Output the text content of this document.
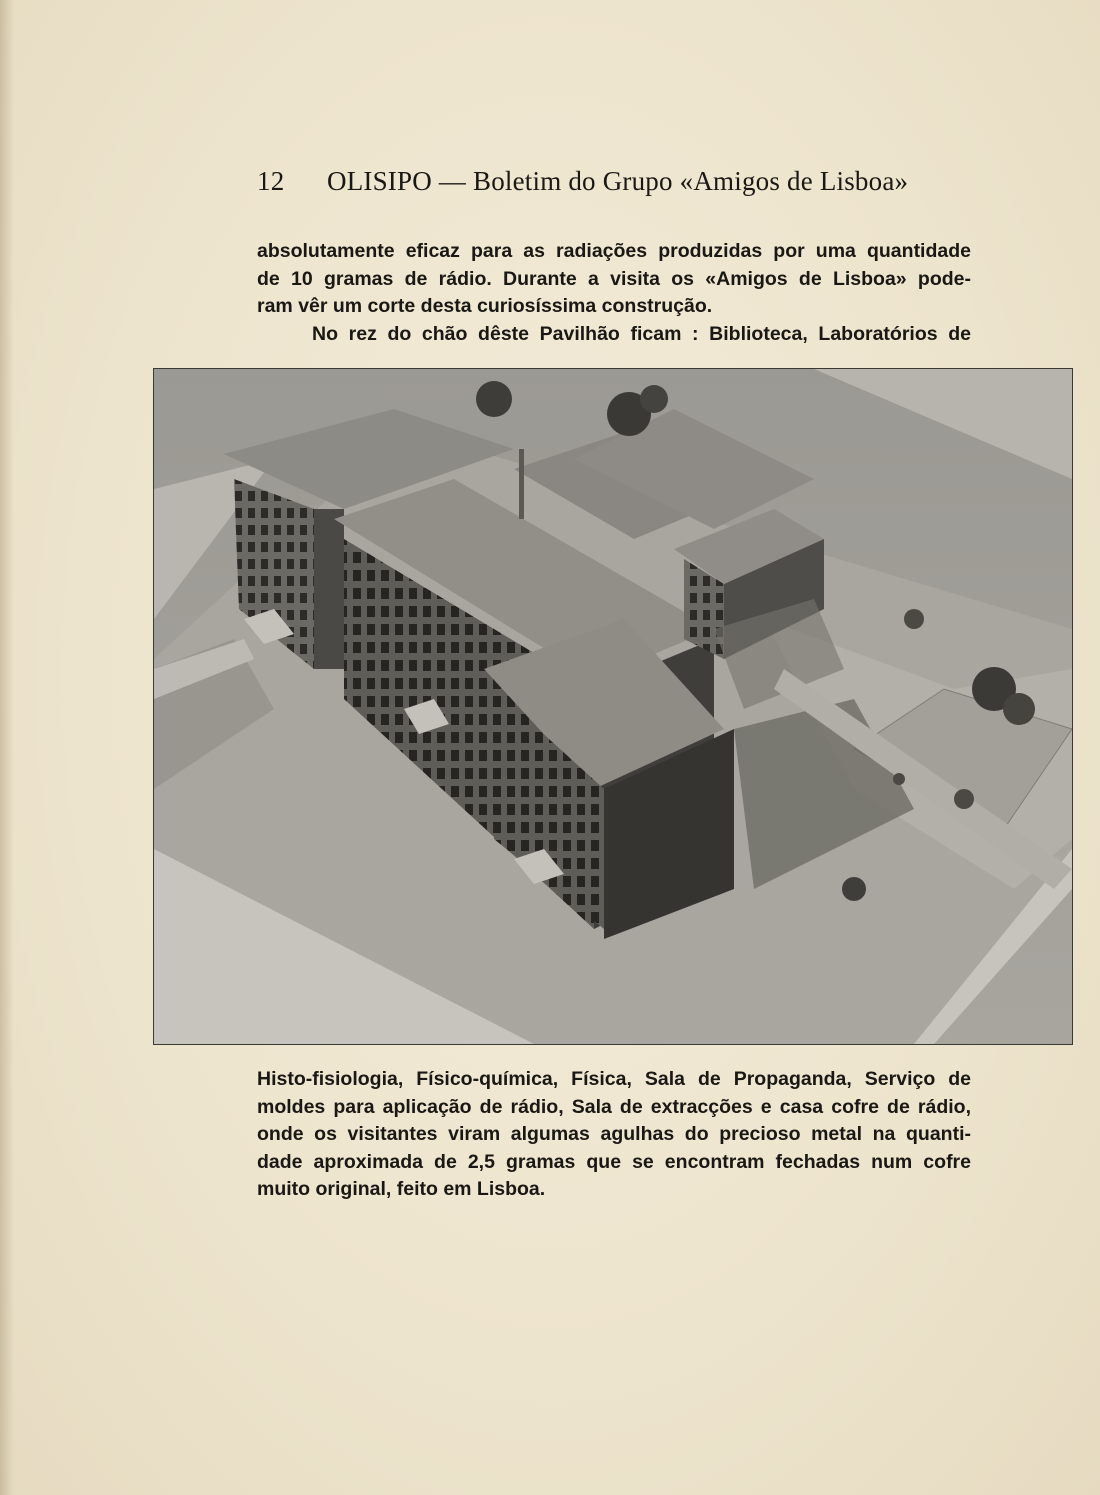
12 OLISIPO — Boletim do Grupo «Amigos de Lisboa»
absolutamente eficaz para as radiações produzidas por uma quantidade
de 10 gramas de rádio. Durante a visita os «Amigos de Lisboa» pode-
ram vêr um corte desta curiosíssima construção.
No rez do chão dêste Pavilhão ficam : Biblioteca, Laboratórios de
Histo-fisiologia, Físico-química, Física, Sala de Propaganda, Serviço de
moldes para aplicação de rádio, Sala de extracções e casa cofre de rádio,
onde os visitantes viram algumas agulhas do precioso metal na quanti-
dade aproximada de 2,5 gramas que se encontram fechadas num cofre
muito original, feito em Lisboa.
